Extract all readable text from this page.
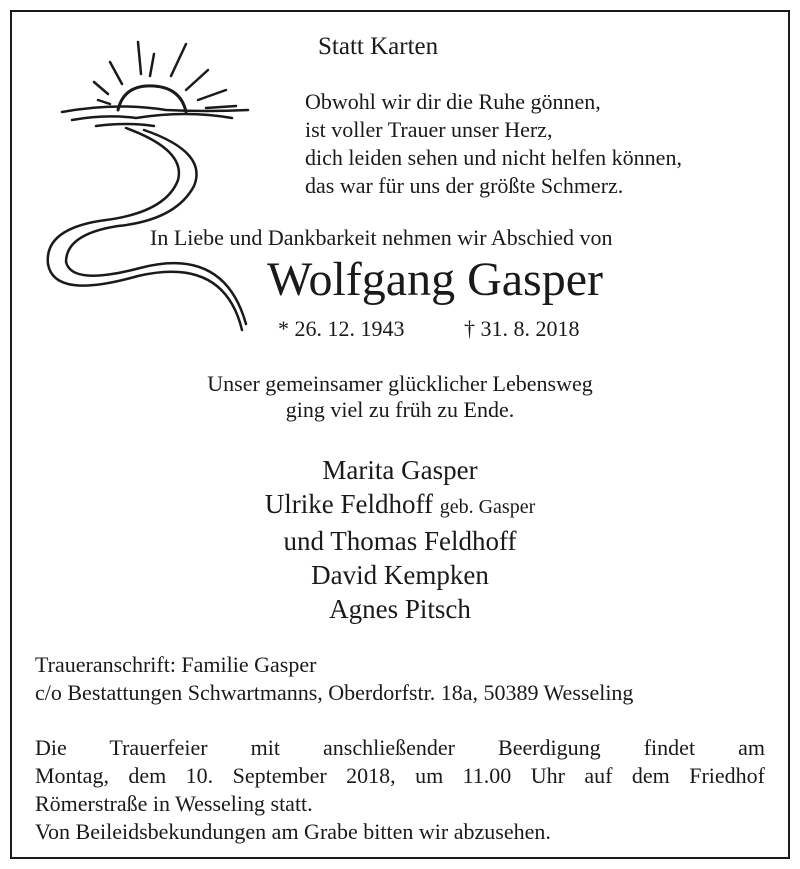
Statt Karten
Obwohl wir dir die Ruhe gönnen,
ist voller Trauer unser Herz,
dich leiden sehen und nicht helfen können,
das war für uns der größte Schmerz.
In Liebe und Dankbarkeit nehmen wir Abschied von
Wolfgang Gasper
* 26. 12. 1943	† 31. 8. 2018
Unser gemeinsamer glücklicher Lebensweg
ging viel zu früh zu Ende.
Marita Gasper
Ulrike Feldhoff geb. Gasper
und Thomas Feldhoff
David Kempken
Agnes Pitsch
Traueranschrift: Familie Gasper
c/o Bestattungen Schwartmanns, Oberdorfstr. 18a, 50389 Wesseling
Die Trauerfeier mit anschließender Beerdigung findet am
Montag, dem 10. September 2018, um 11.00 Uhr auf dem Friedhof
Römerstraße in Wesseling statt.
Von Beileidsbekundungen am Grabe bitten wir abzusehen.
